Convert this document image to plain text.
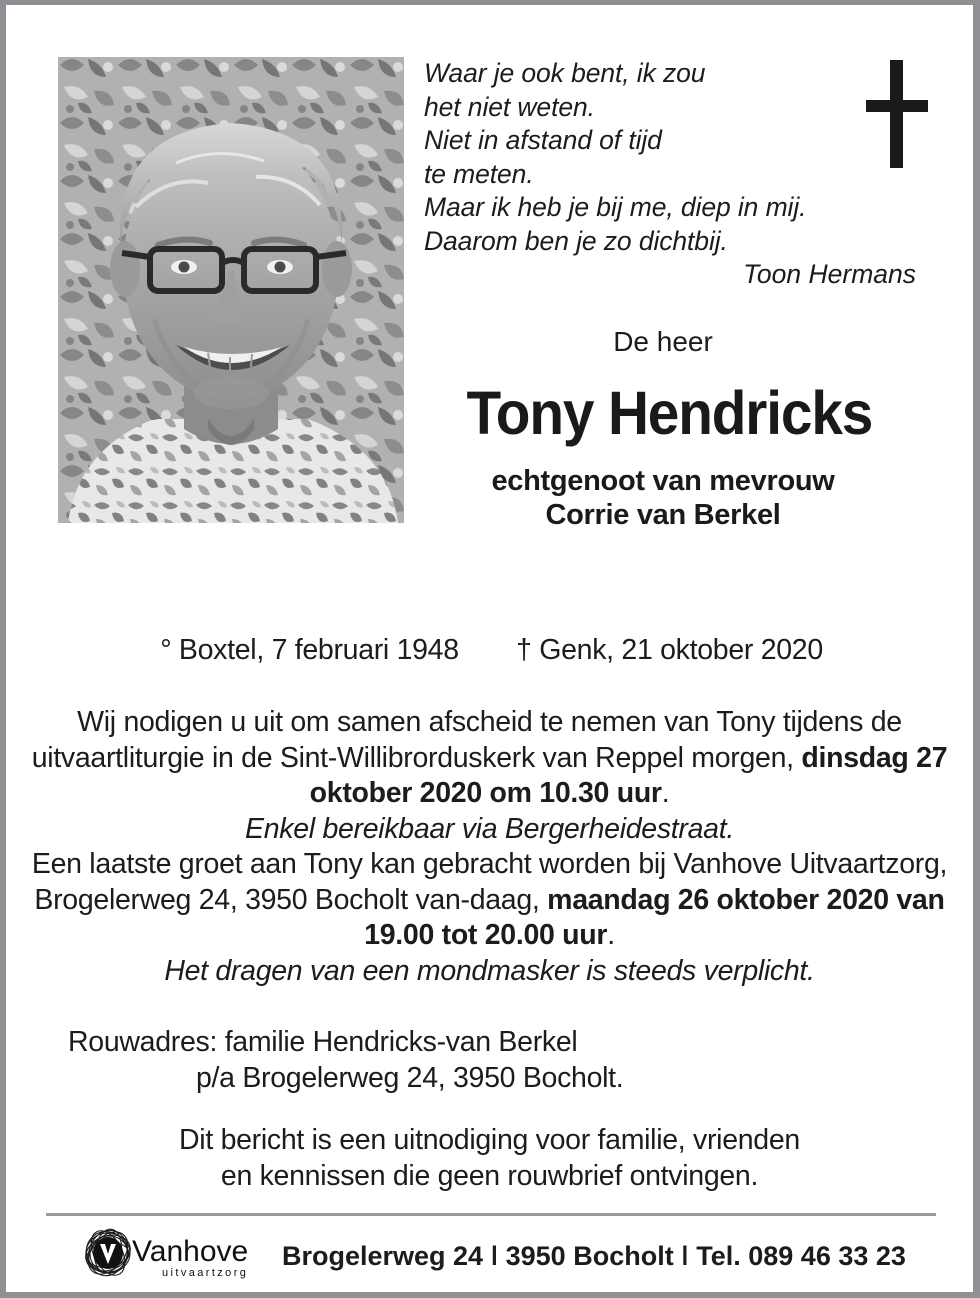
Waar je ook bent, ik zou
het niet weten.
Niet in afstand of tijd
te meten.
Maar ik heb je bij me, diep in mij.
Daarom ben je zo dichtbij.
Toon Hermans
De heer
Tony Hendricks
echtgenoot van mevrouw
Corrie van Berkel
° Boxtel, 7 februari 1948	† Genk, 21 oktober 2020

Wij nodigen u uit om samen afscheid te nemen van Tony tijdens de uitvaartliturgie in de Sint-Willibrorduskerk van Reppel morgen, dinsdag 27 oktober 2020 om 10.30 uur.

Enkel bereikbaar via Bergerheidestraat.

Een laatste groet aan Tony kan gebracht worden bij Vanhove Uitvaartzorg, Brogelerweg 24, 3950 Bocholt van-daag, maandag 26 oktober 2020 van 19.00 tot 20.00 uur.

Het dragen van een mondmasker is steeds verplicht.

Rouwadres: familie Hendricks-van Berkel
p/a Brogelerweg 24, 3950 Bocholt.
Dit bericht is een uitnodiging voor familie, vrienden
en kennissen die geen rouwbrief ontvingen.
Vanhove
uitvaartzorg
Brogelerweg 24 ǀ 3950 Bocholt ǀ Tel. 089 46 33 23
